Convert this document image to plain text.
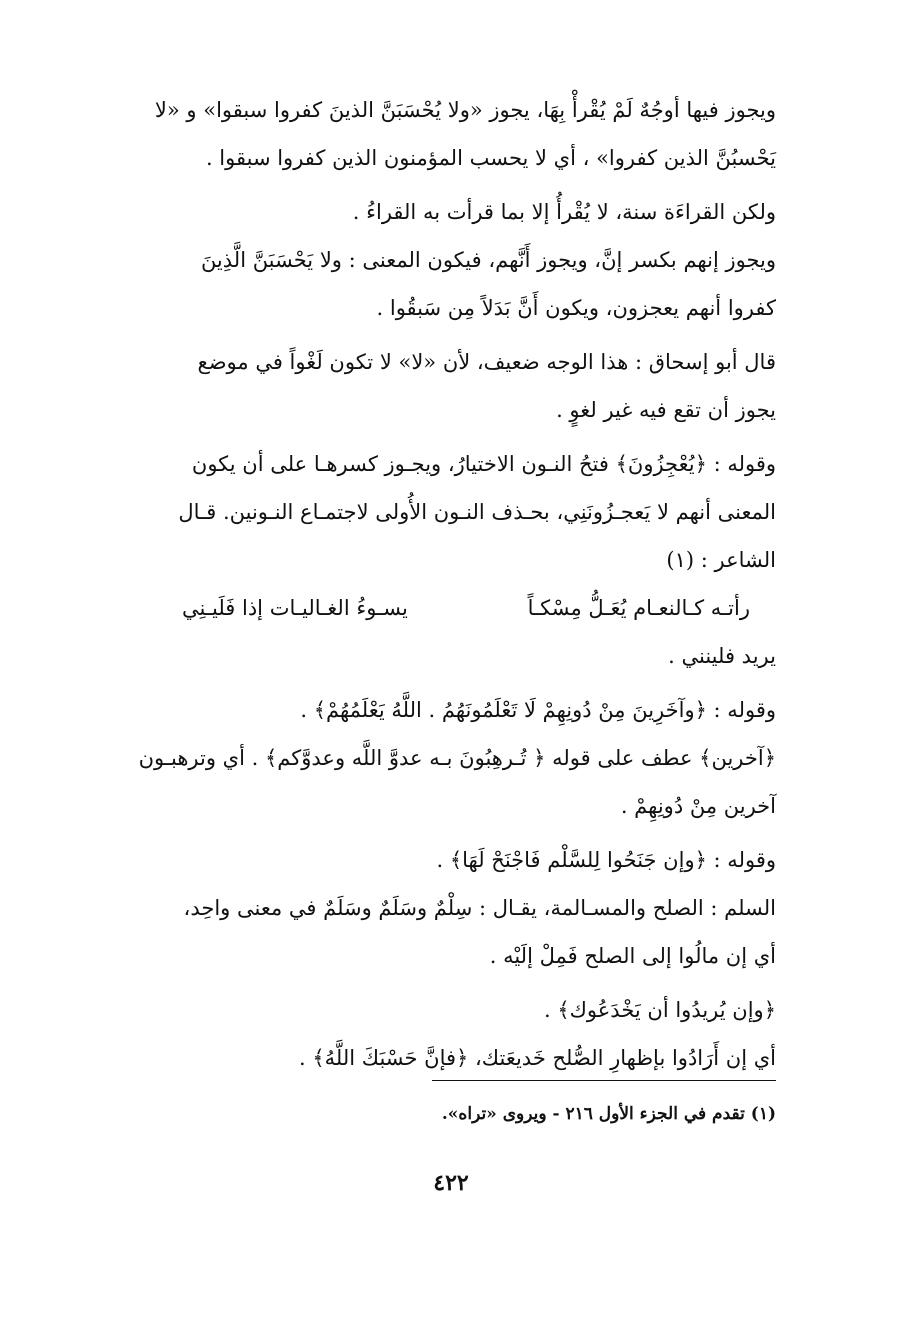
ويجوز فيها أوجُهٌ لَمْ يُقْرأْ بِهَا، يجوز «ولا يُحْسَبَنَّ الذينَ كفروا سبقوا» و «لا
يَحْسبُنَّ الذين كفروا» ، أي لا يحسب المؤمنون الذين كفروا سبقوا .

ولكن القراءَة سنة، لا يُقْرأُ إلا بما قرأت به القراءُ .

ويجوز إنهم بكسر إنَّ، ويجوز أَنَّهم، فيكون المعنى : ولا يَحْسَبَنَّ الَّذِينَ
كفروا أنهم يعجزون، ويكون أَنَّ بَدَلاً مِن سَبقُوا .

قال أبو إسحاق : هذا الوجه ضعيف، لأن «لا» لا تكون لَغْواً في موضع
يجوز أن تقع فيه غير لغوٍ .

وقوله : ﴿يُعْجِزُونَ﴾ فتحُ النـون الاختيارُ، ويجـوز كسرهـا على أن يكون
المعنى أنهم لا يَعجـزُونَنِي، بحـذف النـون الأُولى لاجتمـاع النـونين. قـال
الشاعر : (١)

رأتـه كـالنعـام يُعَـلُّ مِسْكـاً
يسـوءُ الغـاليـات إذا فَلَيـنِي

يريد فلينني .

وقوله : ﴿وآخَرِينَ مِنْ دُونِهِمْ لَا تَعْلَمُونَهُمُ . اللَّهُ يَعْلَمُهُمْ﴾ .

﴿آخرين﴾ عطف على قوله ﴿ تُـرهِبُونَ بـه عدوَّ اللَّه وعدوَّكم﴾ . أي وترهبـون
آخرين مِنْ دُونِهِمْ .

وقوله : ﴿وإن جَنَحُوا لِلسَّلْم فَاجْنَحْ لَهَا﴾ .

السلم : الصلح والمسـالمة، يقـال : سِلْمٌ وسَلَمٌ وسَلَمٌ في معنى واحِد،
أي إن مالُوا إلى الصلح فَمِلْ إلَيْه .

﴿وإن يُريدُوا أن يَخْدَعُوك﴾ .

أي إن أَرَادُوا بإظهارِ الصُّلح خَديعَتك، ﴿فإنَّ حَسْبَكَ اللَّهُ﴾ .

(١) تقدم في الجزء الأول ٢١٦ - ويروى «تراه».
٤٢٢
